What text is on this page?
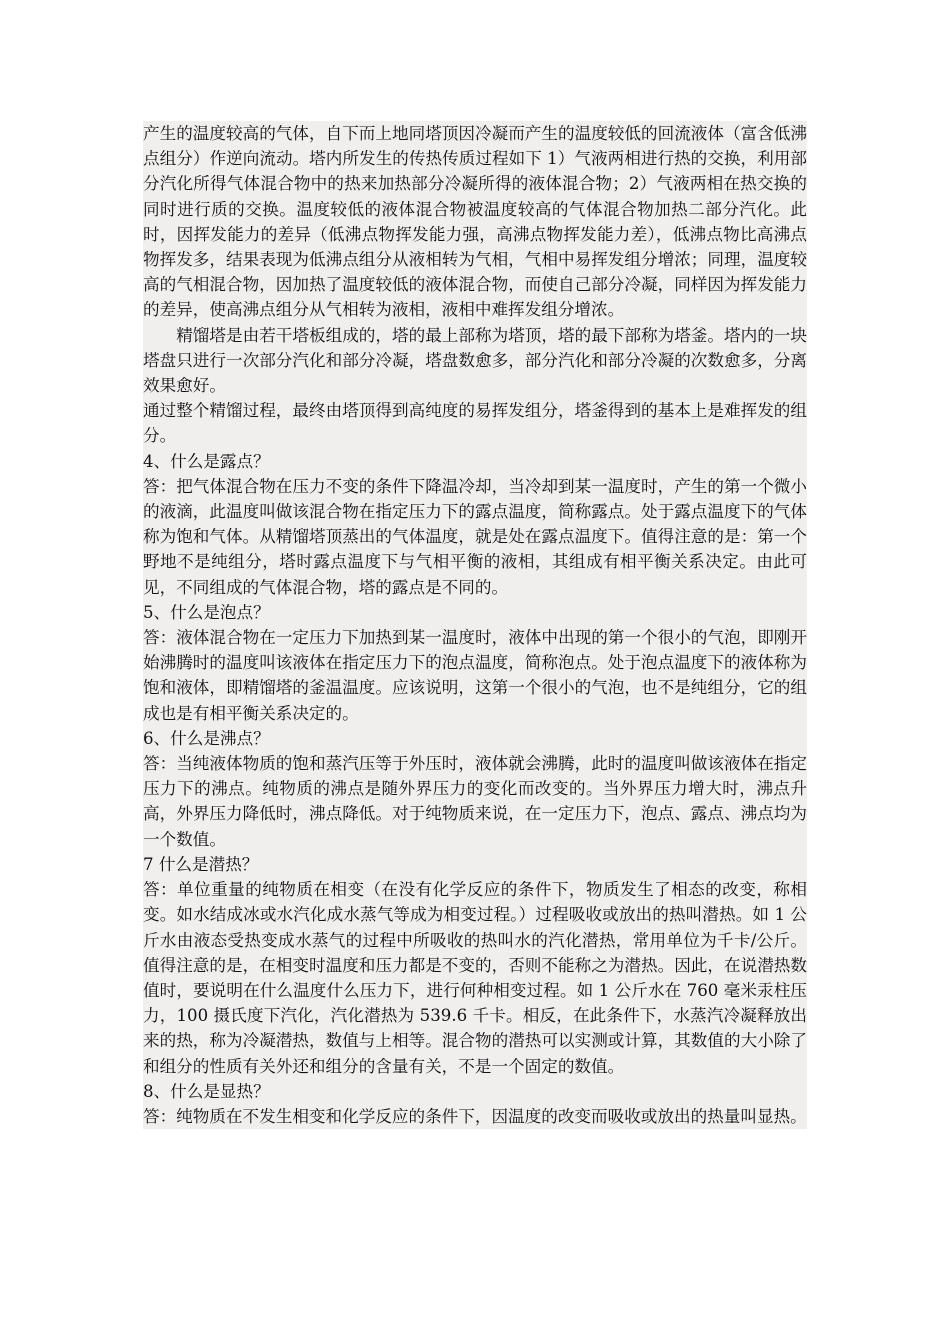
产生的温度较高的气体，自下而上地同塔顶因冷凝而产生的温度较低的回流液体（富含低沸点组分）作逆向流动。塔内所发生的传热传质过程如下 1）气液两相进行热的交换，利用部分汽化所得气体混合物中的热来加热部分冷凝所得的液体混合物；2）气液两相在热交换的同时进行质的交换。温度较低的液体混合物被温度较高的气体混合物加热二部分汽化。此时，因挥发能力的差异（低沸点物挥发能力强，高沸点物挥发能力差），低沸点物比高沸点物挥发多，结果表现为低沸点组分从液相转为气相，气相中易挥发组分增浓；同理，温度较高的气相混合物，因加热了温度较低的液体混合物，而使自己部分冷凝，同样因为挥发能力的差异，使高沸点组分从气相转为液相，液相中难挥发组分增浓。

精馏塔是由若干塔板组成的，塔的最上部称为塔顶，塔的最下部称为塔釜。塔内的一块塔盘只进行一次部分汽化和部分冷凝，塔盘数愈多，部分汽化和部分冷凝的次数愈多，分离效果愈好。

通过整个精馏过程，最终由塔顶得到高纯度的易挥发组分，塔釜得到的基本上是难挥发的组分。

4、什么是露点？

答：把气体混合物在压力不变的条件下降温冷却，当冷却到某一温度时，产生的第一个微小的液滴，此温度叫做该混合物在指定压力下的露点温度，简称露点。处于露点温度下的气体称为饱和气体。从精馏塔顶蒸出的气体温度，就是处在露点温度下。值得注意的是：第一个野地不是纯组分，塔时露点温度下与气相平衡的液相，其组成有相平衡关系决定。由此可见，不同组成的气体混合物，塔的露点是不同的。

5、什么是泡点？

答：液体混合物在一定压力下加热到某一温度时，液体中出现的第一个很小的气泡，即刚开始沸腾时的温度叫该液体在指定压力下的泡点温度，简称泡点。处于泡点温度下的液体称为饱和液体，即精馏塔的釜温温度。应该说明，这第一个很小的气泡，也不是纯组分，它的组成也是有相平衡关系决定的。

6、什么是沸点？

答：当纯液体物质的饱和蒸汽压等于外压时，液体就会沸腾，此时的温度叫做该液体在指定压力下的沸点。纯物质的沸点是随外界压力的变化而改变的。当外界压力增大时，沸点升高，外界压力降低时，沸点降低。对于纯物质来说，在一定压力下，泡点、露点、沸点均为一个数值。

7 什么是潜热？

答：单位重量的纯物质在相变（在没有化学反应的条件下，物质发生了相态的改变，称相变。如水结成冰或水汽化成水蒸气等成为相变过程。）过程吸收或放出的热叫潜热。如 1 公斤水由液态受热变成水蒸气的过程中所吸收的热叫水的汽化潜热，常用单位为千卡/公斤。值得注意的是，在相变时温度和压力都是不变的，否则不能称之为潜热。因此，在说潜热数值时，要说明在什么温度什么压力下，进行何种相变过程。如 1 公斤水在 760 毫米汞柱压力，100 摄氏度下汽化，汽化潜热为 539.6 千卡。相反，在此条件下，水蒸汽冷凝释放出来的热，称为冷凝潜热，数值与上相等。混合物的潜热可以实测或计算，其数值的大小除了和组分的性质有关外还和组分的含量有关，不是一个固定的数值。

8、什么是显热？

答：纯物质在不发生相变和化学反应的条件下，因温度的改变而吸收或放出的热量叫显热。
